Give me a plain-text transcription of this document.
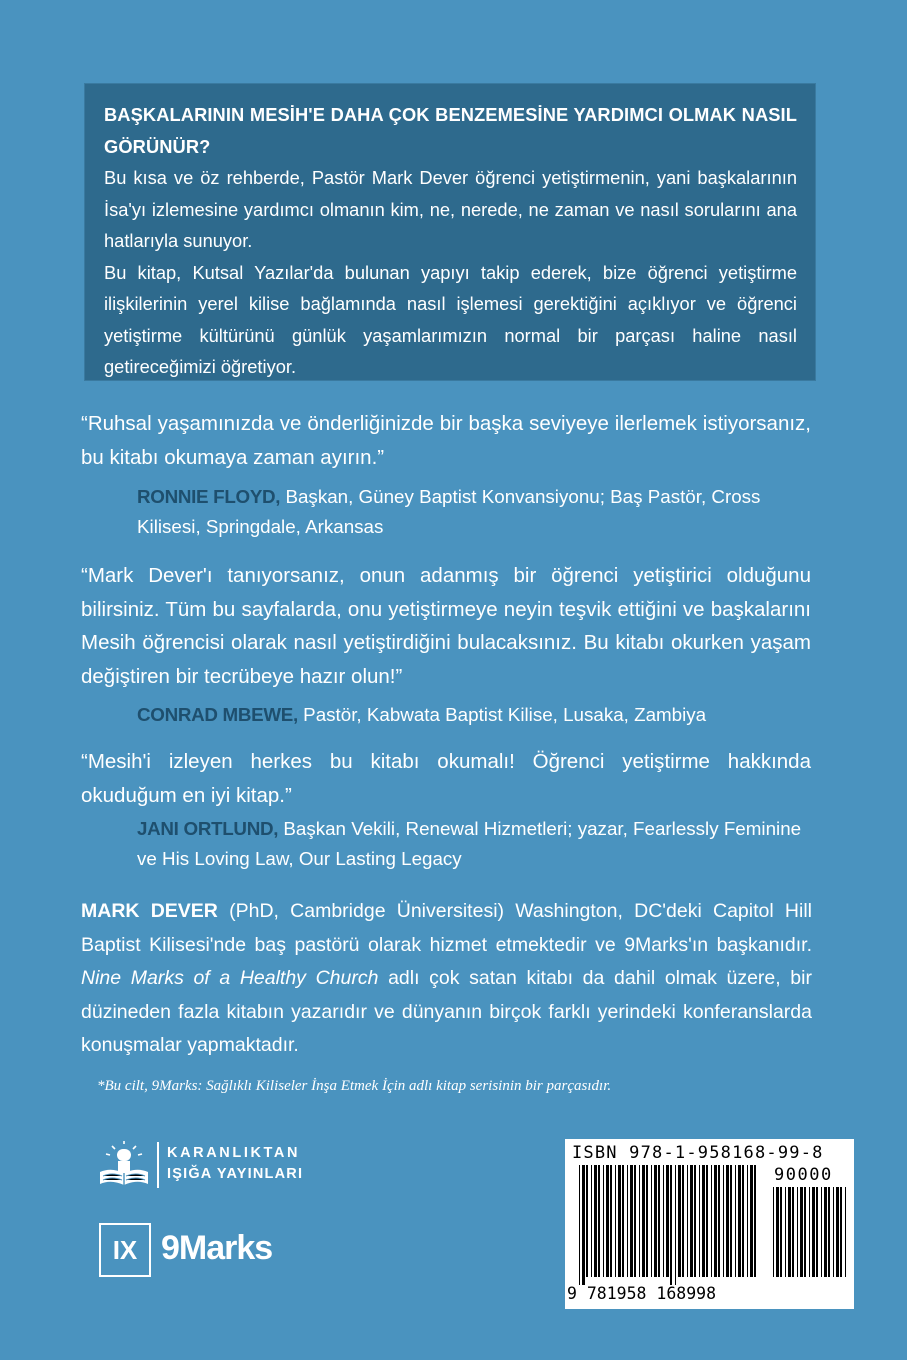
BAŞKALARININ MESİH'E DAHA ÇOK BENZEMESİNE YARDIMCI OLMAK NASIL GÖRÜNÜR?

Bu kısa ve öz rehberde, Pastör Mark Dever öğrenci yetiştirmenin, yani başkalarının İsa'yı izlemesine yardımcı olmanın kim, ne, nerede, ne zaman ve nasıl sorularını ana hatlarıyla sunuyor.

Bu kitap, Kutsal Yazılar'da bulunan yapıyı takip ederek, bize öğrenci yetiştirme ilişkilerinin yerel kilise bağlamında nasıl işlemesi gerektiğini açıklıyor ve öğrenci yetiştirme kültürünü günlük yaşamlarımızın normal bir parçası haline nasıl getireceğimizi öğretiyor.

“Ruhsal yaşamınızda ve önderliğinizde bir başka seviyeye ilerlemek istiyorsanız, bu kitabı okumaya zaman ayırın.”

RONNIE FLOYD, Başkan, Güney Baptist Konvansiyonu; Baş Pastör, Cross Kilisesi, Springdale, Arkansas

“Mark Dever'ı tanıyorsanız, onun adanmış bir öğrenci yetiştirici olduğunu bilirsiniz. Tüm bu sayfalarda, onu yetiştirmeye neyin teşvik ettiğini ve başkalarını Mesih öğrencisi olarak nasıl yetiştirdiğini bulacaksınız. Bu kitabı okurken yaşam değiştiren bir tecrübeye hazır olun!”

CONRAD MBEWE, Pastör, Kabwata Baptist Kilise, Lusaka, Zambiya

“Mesih'i izleyen herkes bu kitabı okumalı! Öğrenci yetiştirme hakkında okuduğum en iyi kitap.”

JANI ORTLUND, Başkan Vekili, Renewal Hizmetleri; yazar, Fearlessly Feminine ve His Loving Law, Our Lasting Legacy

MARK DEVER (PhD, Cambridge Üniversitesi) Washington, DC'deki Capitol Hill Baptist Kilisesi'nde baş pastörü olarak hizmet etmektedir ve 9Marks'ın başkanıdır. Nine Marks of a Healthy Church adlı çok satan kitabı da dahil olmak üzere, bir düzineden fazla kitabın yazarıdır ve dünyanın birçok farklı yerindeki konferanslarda konuşmalar yapmaktadır.

*Bu cilt, 9Marks: Sağlıklı Kiliseler İnşa Etmek İçin adlı kitap serisinin bir parçasıdır.

KARANLIKTAN
IŞIĞA YAYINLARI
IX 9Marks
ISBN 978-1-958168-99-8
90000
9 781958 168998
